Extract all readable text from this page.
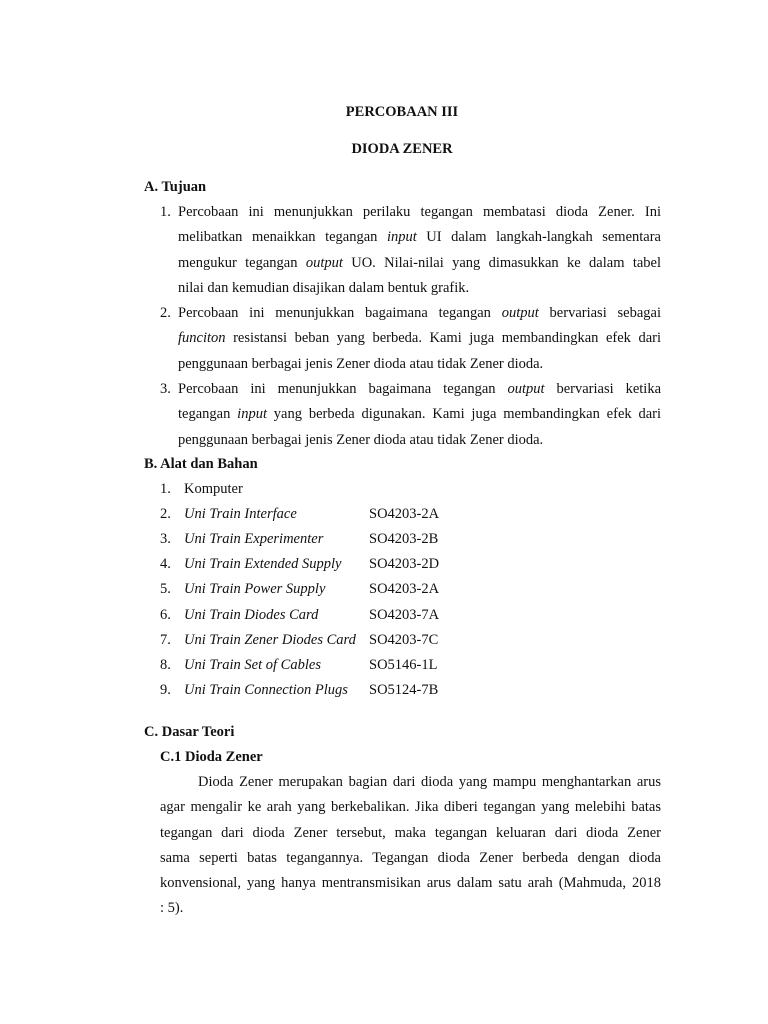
PERCOBAAN III
DIODA ZENER
A. Tujuan
1. Percobaan ini menunjukkan perilaku tegangan membatasi dioda Zener. Ini
melibatkan menaikkan tegangan input UI dalam langkah-langkah sementara
mengukur tegangan output UO. Nilai-nilai yang dimasukkan ke dalam tabel
nilai dan kemudian disajikan dalam bentuk grafik.
2. Percobaan ini menunjukkan bagaimana tegangan output bervariasi sebagai
funciton resistansi beban yang berbeda. Kami juga membandingkan efek dari
penggunaan berbagai jenis Zener dioda atau tidak Zener dioda.
3. Percobaan ini menunjukkan bagaimana tegangan output bervariasi ketika
tegangan input yang berbeda digunakan. Kami juga membandingkan efek dari
penggunaan berbagai jenis Zener dioda atau tidak Zener dioda.
B. Alat dan Bahan
1. Komputer
2. Uni Train Interface	SO4203-2A
3. Uni Train Experimenter	SO4203-2B
4. Uni Train Extended Supply SO4203-2D
5. Uni Train Power Supply	SO4203-2A
6. Uni Train Diodes Card	SO4203-7A
7. Uni Train Zener Diodes Card SO4203-7C
8. Uni Train Set of Cables	SO5146-1L
9. Uni Train Connection Plugs SO5124-7B
C. Dasar Teori
C.1 Dioda Zener
Dioda Zener merupakan bagian dari dioda yang mampu menghantarkan arus
agar mengalir ke arah yang berkebalikan. Jika diberi tegangan yang melebihi batas
tegangan dari dioda Zener tersebut, maka tegangan keluaran dari dioda Zener
sama seperti batas tegangannya. Tegangan dioda Zener berbeda dengan dioda
konvensional, yang hanya mentransmisikan arus dalam satu arah (Mahmuda, 2018
: 5).
